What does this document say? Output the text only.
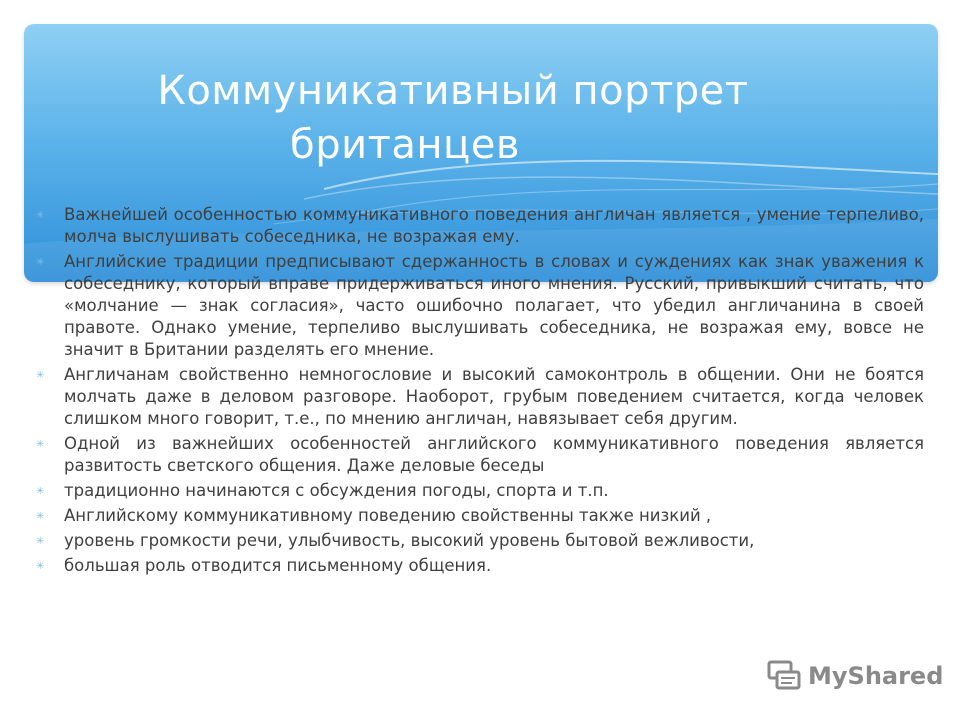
Коммуникативный портрет
британцев
✳	Важнейшей особенностью коммуникативного поведения англичан является , умение терпеливо, молча выслушивать собеседника, не возражая ему.
✳	Английские традиции предписывают сдержанность в словах и суждениях как знак уважения к собеседнику, который вправе придерживаться иного мнения. Русский, привыкший считать, что «молчание — знак согласия», часто ошибочно полагает, что убедил англичанина в своей правоте. Однако умение, терпеливо выслушивать собеседника, не возражая ему, вовсе не значит в Британии разделять его мнение.
✳	Англичанам свойственно немногословие и высокий самоконтроль в общении. Они не боятся молчать даже в деловом разговоре. Наоборот, грубым поведением считается, когда человек слишком много говорит, т.е., по мнению англичан, навязывает себя другим.
✳	Одной из важнейших особенностей английского коммуникативного поведения является развитость светского общения. Даже деловые беседы
✳	традиционно начинаются с обсуждения погоды, спорта и т.п.
✳	Английскому коммуникативному поведению свойственны также низкий ,
✳	уровень громкости речи, улыбчивость, высокий уровень бытовой вежливости,
✳	большая роль отводится письменному общения.
MyShared
